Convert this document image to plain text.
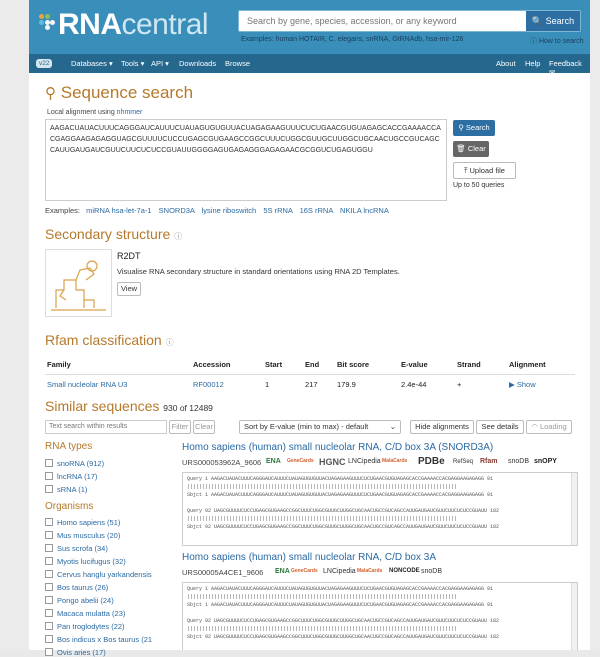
RNAcentral
Search by gene, species, accession, or any keyword	🔍 Search
Examples: human HOTAIR, C. elegans, snRNA, GtRNAdb, hsa-mir-126	ⓘ How to search
v22	Databases ▾ Tools ▾ API ▾ Downloads Browse	About Help Feedback
⚲ Sequence search
Local alignment using nhmmer
AAGACUAUACUUUCAGGGAUCAUUUCUAUAGUGUGUUACUAGAGAAGUUUCUCUGAACGUGUAGAGCACCGAAAACCACGAGGAAGAGAGGUAGCGUUUUCUCCUGAGCGUGAAGCCGGCUUUCUGGCGUUGCUUGGCUGCAACUGCCGUCAGCCAUUGAUGAUCGUUCUUCUCUCCGUAUUGGGGAGUGAGAGGGAGAGAACGCGGUCUGAGUGGU
⚲ Search
🗑 Clear
⤒ Upload file
Up to 50 queries
Examples: miRNA hsa-let-7a-1 SNORD3A lysine riboswitch 5S rRNA 16S rRNA NKILA lncRNA
Secondary structure ⓘ
R2DT
Visualise RNA secondary structure in standard orientations using RNA 2D Templates.
View
Rfam classification ⓘ
Family	Accession	Start	End	Bit score	E-value	Strand	Alignment
Small nucleolar RNA U3	RF00012	1	217	179.9	2.4e-44	+	▶ Show
Similar sequences 930 of 12489
Text search within results	Filter Clear	Sort by E-value (min to max) - default	⌄	Hide alignments	See details	◠ Loading
RNA types
snoRNA (912)
lncRNA (17)
sRNA (1)
Organisms
Homo sapiens (51)
Mus musculus (20)
Sus scrofa (34)
Myotis lucifugus (32)
Cervus hanglu yarkandensis
Bos taurus (26)
Pongo abelii (24)
Macaca mulatta (23)
Pan troglodytes (22)
Bos indicus x Bos taurus (21
Ovis aries (17)
Homo sapiens (human) small nucleolar RNA, C/D box 3A (SNORD3A)
URS000053962A_9606 ENA GeneCards HGNC LNCipedia MalaCards PDBe RefSeq Rfam snoDB snOPY
Query 1 AAGACUAUACUUUCAGGGAUCAUUUCUAUAGUGUGUUACUAGAGAAGUUUCUCUGAACGUGUAGAGCACCGAAAACCACGAGGAAGAGAGG 91
||||||||||||||||||||||||||||||||||||||||||||||||||||||||||||||||||||||||||||||||||||||||||
Sbjct 1 AAGACUAUACUUUCAGGGAUCAUUUCUAUAGUGUGUUACUAGAGAAGUUUCUCUGAACGUGUAGAGCACCGAAAACCACGAGGAAGAGAGG 91
Query 92 UAGCGUUUUCUCCUGAGCGUGAAGCCGGCUUUCUGGCGUUGCUUGGCUGCAACUGCCGUCAGCCAUUGAUGAUCGUUCUUCUCUCCGUAUU 182
||||||||||||||||||||||||||||||||||||||||||||||||||||||||||||||||||||||||||||||||||||||||||
Sbjct 92 UAGCGUUUUCUCCUGAGCGUGAAGCCGGCUUUCUGGCGUUGCUUGGCUGCAACUGCCGUCAGCCAUUGAUGAUCGUUCUUCUCUCCGUAUU 182
Homo sapiens (human) small nucleolar RNA, C/D box 3A
URS00005A4CE1_9606 ENA GeneCards LNCipedia MalaCards NONCODE snoDB
Query 1 AAGACUAUACUUUCAGGGAUCAUUUCUAUAGUGUGUUACUAGAGAAGUUUCUCUGAACGUGUAGAGCACCGAAAACCACGAGGAAGAGAGG 91
||||||||||||||||||||||||||||||||||||||||||||||||||||||||||||||||||||||||||||||||||||||||||
Sbjct 1 AAGACUAUACUUUCAGGGAUCAUUUCUAUAGUGUGUUACUAGAGAAGUUUCUCUGAACGUGUAGAGCACCGAAAACCACGAGGAAGAGAGG 91
Query 92 UAGCGUUUUCUCCUGAGCGUGAAGCCGGCUUUCUGGCGUUGCUUGGCUGCAACUGCCGUCAGCCAUUGAUGAUCGUUCUUCUCUCCGUAUU 182
||||||||||||||||||||||||||||||||||||||||||||||||||||||||||||||||||||||||||||||||||||||||||
Sbjct 92 UAGCGUUUUCUCCUGAGCGUGAAGCCGGCUUUCUGGCGUUGCUUGGCUGCAACUGCCGUCAGCCAUUGAUGAUCGUUCUUCUCUCCGUAUU 182
